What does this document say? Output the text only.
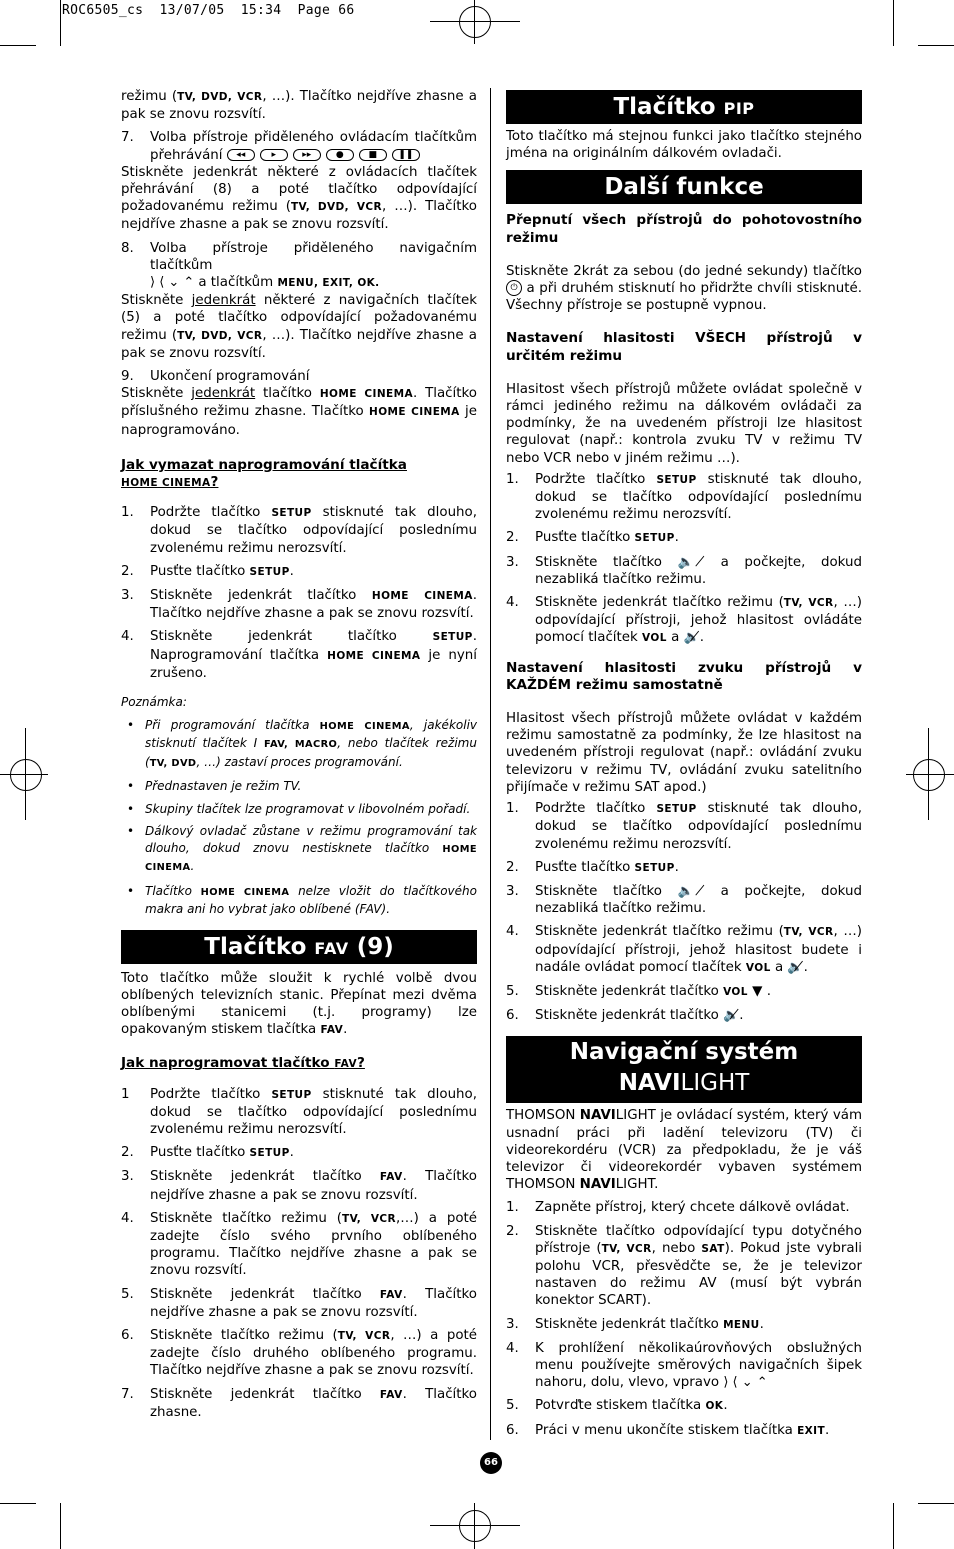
ROC6505_cs  13/07/05  15:34  Page 66

režimu (TV, DVD, VCR, …). Tlačítko nejdříve zhasne a pak se znovu rozsvítí.

7. Volba přístroje přiděleného ovládacím tlačítkům přehrávání ◂◂	▸	▸▸	●	■ ❚❚

Stiskněte jedenkrát některé z ovládacích tlačítek přehrávání (8) a poté tlačítko odpovídající požadovanému režimu (TV, DVD, VCR, …). Tlačítko nejdříve zhasne a pak se znovu rozsvítí.
8. Volba přístroje přiděleného navigačním tlačítkům
⟩ ⟨ ⌄ ⌃ a tlačítkům MENU, EXIT, OK.
Stiskněte jedenkrát některé z navigačních tlačítek (5) a poté tlačítko odpovídající požadovanému režimu (TV, DVD, VCR, …). Tlačítko nejdříve zhasne a pak se znovu rozsvítí.
9. Ukončení programování
Stiskněte jedenkrát tlačítko HOME CINEMA. Tlačítko příslušného režimu zhasne. Tlačítko HOME CINEMA je naprogramováno.

Jak vymazat naprogramování tlačítka
HOME CINEMA?

1. Podržte tlačítko SETUP stisknuté tak dlouho, dokud se tlačítko odpovídající poslednímu zvolenému režimu nerozsvítí.
2. Pusťte tlačítko SETUP.
3. Stiskněte jedenkrát tlačítko HOME CINEMA. Tlačítko nejdříve zhasne a pak se znovu rozsvítí.
4. Stiskněte jedenkrát tlačítko	SETUP. Naprogramování tlačítka HOME CINEMA je nyní zrušeno.
Poznámka:
• Při programování tlačítka HOME CINEMA, jakékoliv stisknutí tlačítek I FAV, MACRO, nebo tlačítek režimu (TV, DVD, …) zastaví proces programování.
• Přednastaven je režim TV.
• Skupiny tlačítek lze programovat v libovolném pořadí.
• Dálkový ovladač zůstane v režimu programování tak dlouho, dokud znovu nestisknete tlačítko HOME CINEMA.
• Tlačítko HOME CINEMA nelze vložit do tlačítkového makra ani ho vybrat jako oblíbené (FAV).
Tlačítko FAV (9)

Toto tlačítko může sloužit k rychlé volbě dvou oblíbených televizních stanic. Přepínat mezi dvěma oblíbenými stanicemi (t.j. programy) lze opakovaným stiskem tlačítka FAV.

Jak naprogramovat tlačítko FAV?

1 Podržte tlačítko SETUP stisknuté tak dlouho, dokud se tlačítko odpovídající poslednímu zvolenému režimu nerozsvítí.
2. Pusťte tlačítko SETUP.
3. Stiskněte jedenkrát tlačítko FAV. Tlačítko nejdříve zhasne a pak se znovu rozsvítí.
4. Stiskněte tlačítko režimu (TV, VCR,…) a poté zadejte číslo svého prvního oblíbeného programu. Tlačítko nejdříve zhasne a pak se znovu rozsvítí.
5. Stiskněte jedenkrát tlačítko FAV. Tlačítko nejdříve zhasne a pak se znovu rozsvítí.
6. Stiskněte tlačítko režimu (TV, VCR, …) a poté zadejte číslo druhého oblíbeného programu. Tlačítko nejdříve zhasne a pak se znovu rozsvítí.
7. Stiskněte jedenkrát tlačítko FAV. Tlačítko zhasne.
Tlačítko PIP

Toto tlačítko má stejnou funkci jako tlačítko stejného jména na originálním dálkovém ovladači.

Další funkce

Přepnutí všech přístrojů do pohotovostního režimu

Stiskněte 2krát za sebou (do jedné sekundy) tlačítko ⏻ a při druhém stisknutí ho přidržte chvíli stisknuté. Všechny přístroje se postupně vypnou.

Nastavení hlasitosti VŠECH přístrojů v určitém režimu

Hlasitost všech přístrojů můžete ovládat společně v rámci jediného režimu na dálkovém ovládači za podmínky, že na uvedeném přístroji lze hlasitost regulovat (např.: kontrola zvuku TV v režimu TV nebo VCR nebo v jiném režimu …).

1. Podržte tlačítko SETUP stisknuté tak dlouho, dokud se tlačítko odpovídající poslednímu zvolenému režimu nerozsvítí.
2. Pusťte tlačítko SETUP.
3. Stiskněte tlačítko 🔈̸ a počkejte, dokud nezabliká tlačítko režimu.
4. Stiskněte jedenkrát tlačítko režimu (TV, VCR, …) odpovídající přístroji, jehož hlasitost ovládáte pomocí tlačítek VOL a 🔈̸.

Nastavení hlasitosti zvuku přístrojů v KAŽDÉM režimu samostatně

Hlasitost všech přístrojů můžete ovládat v každém režimu samostatně za podmínky, že lze hlasitost na uvedeném přístroji regulovat (např.: ovládání zvuku televizoru v režimu TV, ovládání zvuku satelitního přijímače v režimu SAT apod.)

1. Podržte tlačítko SETUP stisknuté tak dlouho, dokud se tlačítko odpovídající poslednímu zvolenému režimu nerozsvítí.
2. Pusťte tlačítko SETUP.
3. Stiskněte tlačítko 🔈̸ a počkejte, dokud nezabliká tlačítko režimu.
4. Stiskněte jedenkrát tlačítko režimu (TV, VCR, …) odpovídající přístroji, jehož hlasitost budete i nadále ovládat pomocí tlačítek VOL a 🔈̸.
5. Stiskněte jedenkrát tlačítko VOL ▼ .
6. Stiskněte jedenkrát tlačítko 🔈̸.
Navigační systém
NAVILIGHT

THOMSON NAVILIGHT je ovládací systém, který vám usnadní práci při ladění televizoru (TV) či videorekordéru (VCR) za předpokladu, že je váš televizor či videorekordér vybaven systémem THOMSON NAVILIGHT.

1. Zapněte přístroj, který chcete dálkově ovládat.
2. Stiskněte tlačítko odpovídající typu dotyčného přístroje (TV, VCR, nebo SAT). Pokud jste vybrali polohu VCR, přesvědčte se, že je televizor nastaven do režimu AV (musí být vybrán konektor SCART).
3. Stiskněte jedenkrát tlačítko MENU.
4. K prohlížení několikaúrovňových obslužných menu používejte směrových navigačních šipek nahoru, dolu, vlevo, vpravo ⟩ ⟨ ⌄ ⌃
5. Potvrďte stiskem tlačítka OK.
6. Práci v menu ukončíte stiskem tlačítka EXIT.
66
